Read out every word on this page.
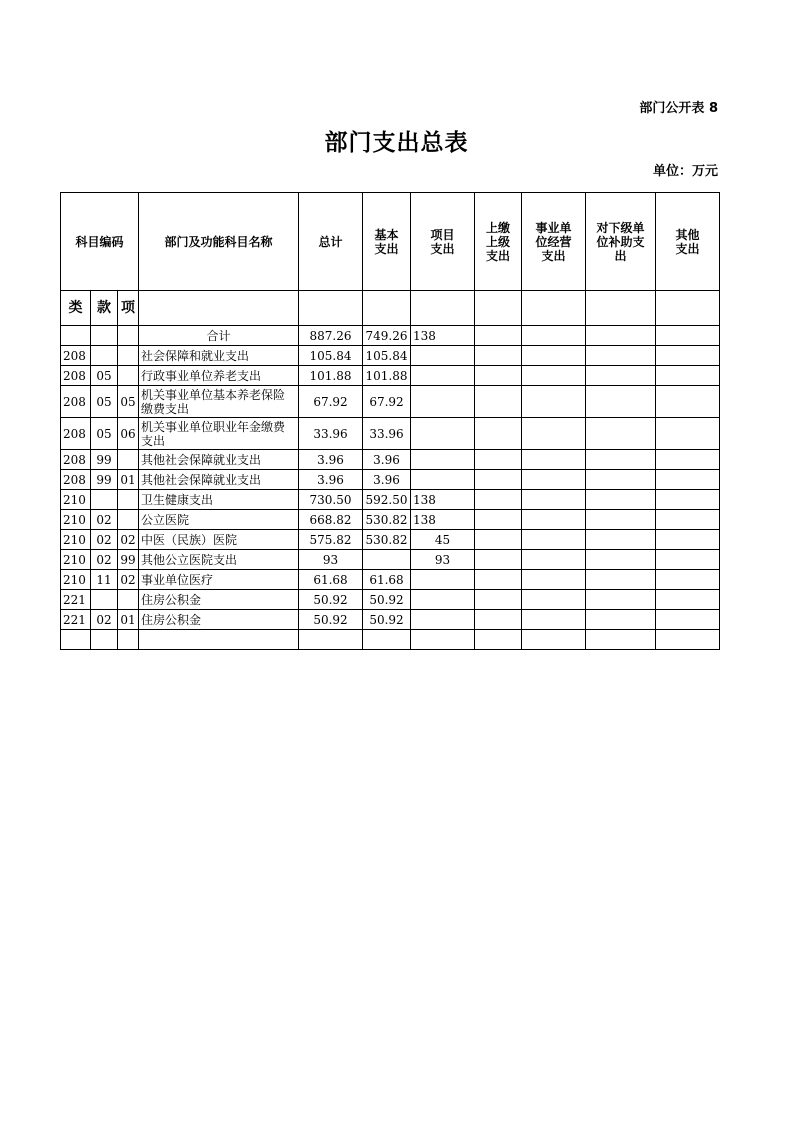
部门公开表 8
部门支出总表
单位：万元
科目编码			部门及功能科目名称	总计	基本支出	项目支出	上缴上级支出	事业单位经营支出	对下级单位补助支出	其他支出
类	款	项								
			合计	887.26	749.26	138				
208			社会保障和就业支出	105.84	105.84					
208	05		行政事业单位养老支出	101.88	101.88					
208	05	05	机关事业单位基本养老保险缴费支出	67.92	67.92					
208	05	06	机关事业单位职业年金缴费支出	33.96	33.96					
208	99		其他社会保障就业支出	3.96	3.96					
208	99	01	其他社会保障就业支出	3.96	3.96					
210			卫生健康支出	730.50	592.50	138				
210	02		公立医院	668.82	530.82	138				
210	02	02	中医（民族）医院	575.82	530.82	45				
210	02	99	其他公立医院支出	93		93				
210	11	02	事业单位医疗	61.68	61.68					
221			住房公积金	50.92	50.92					
221	02	01	住房公积金	50.92	50.92					
